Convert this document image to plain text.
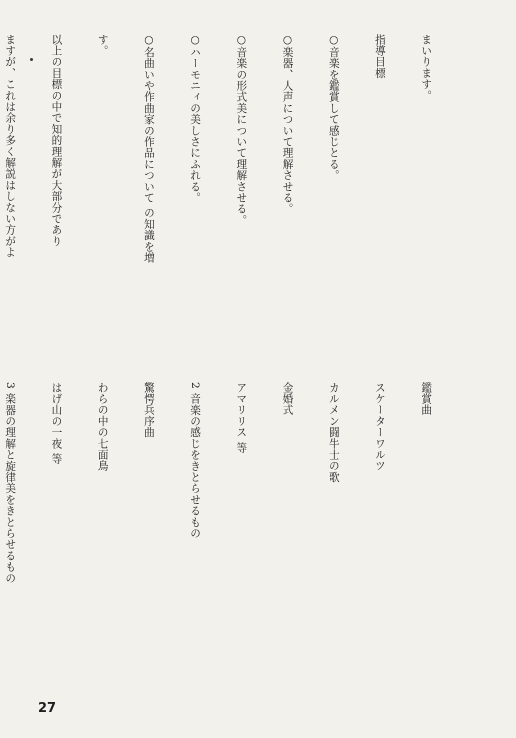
まいります。

指導目標

○音楽を鑑賞して感じとる。

○楽器、人声について理解させる。

○音楽の形式美について理解させる。

○ハーモニィの美しさにふれる。

○名曲いや作曲家の作品について の知識を増

す。

以上の目標の中で知的理解が大部分であり

ますが、これは余り多く解説はしない方がよ

鑑賞曲

スケーターワルツ

カルメン闘牛士の歌

金婚式

アマリリス 等

2 音楽の感じをきとらせるもの

驚愕兵序曲

わらの中の七面鳥

はげ山の一夜 等

3 楽器の理解と旋律美をきとらせるもの

27
